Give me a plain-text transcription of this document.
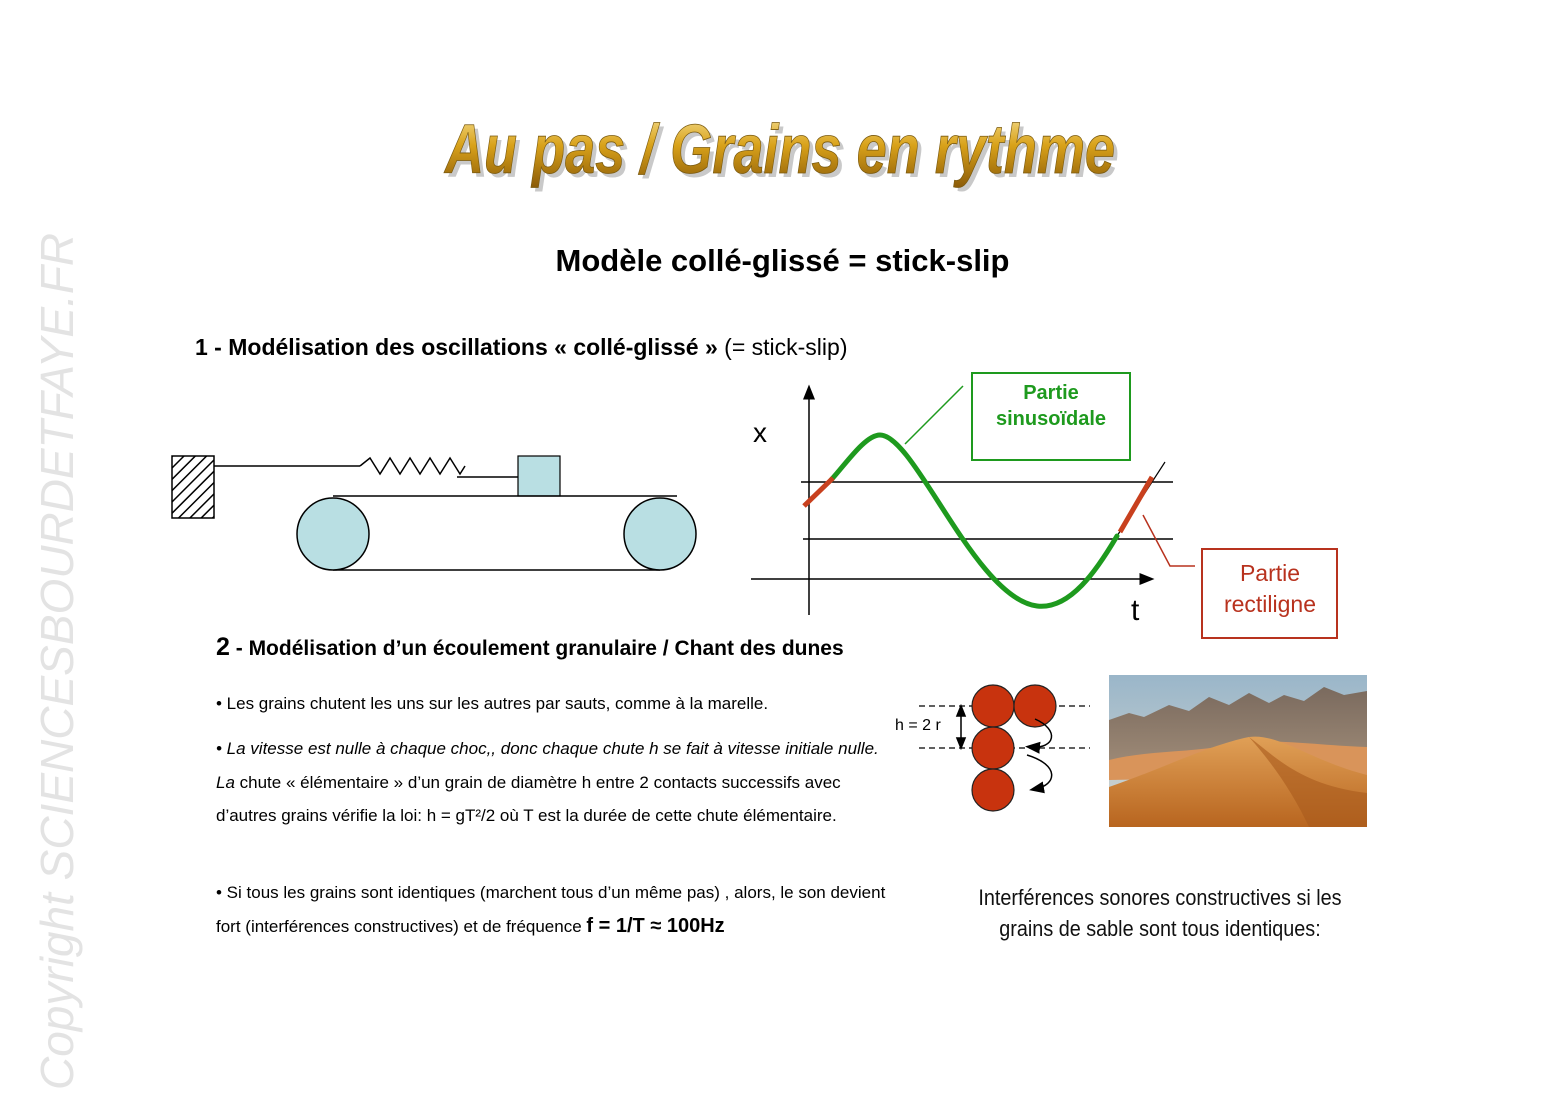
Copyright SCIENCESBOURDETFAYE.FR
Au pas / Grains en rythme
Au pas / Grains en rythme
Modèle collé-glissé = stick-slip
1 - Modélisation des oscillations « collé-glissé » (= stick-slip)
x
t
Partie
sinusoïdale
Partie
rectiligne
2 - Modélisation d’un écoulement granulaire / Chant des dunes
• Les grains chutent les uns sur les autres par sauts, comme à la marelle.
• La vitesse est nulle à chaque choc,, donc chaque chute h se fait à vitesse initiale nulle. La chute « élémentaire » d’un grain de diamètre h entre 2 contacts successifs avec d’autres grains vérifie la loi: h = gT²/2 où T est la durée de cette chute élémentaire.
• Si tous les grains sont identiques (marchent tous d’un même pas) , alors, le son devient fort (interférences constructives) et de fréquence f = 1/T ≈ 100Hz
h = 2 r
Interférences sonores constructives si les grains de sable sont tous identiques:
